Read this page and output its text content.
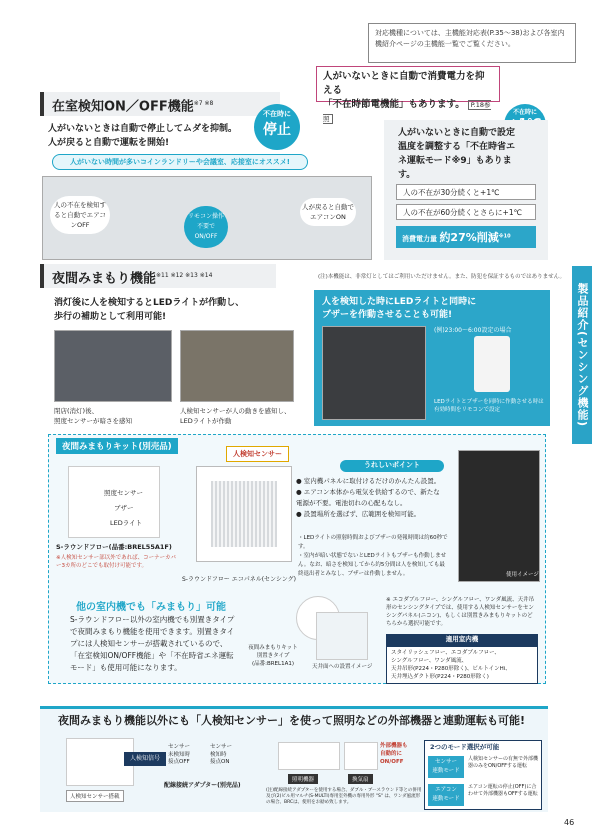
対応機種については、主機能対応表(P.35〜38)および各室内機紹介ページの主機能一覧でご覧ください。
人がいないときに自動で消費電力を抑える
「不在時節電機能」もあります。 P.18参照
在室検知ON／OFF機能$^{※7 ※8}$
不在時に
停止
人がいないときは自動で停止してムダを抑制。
人が戻ると自動で運転を開始!
人がいない時間が多いコインランドリーや会議室、応接室にオススメ!
人の不在を検知すると自動でエアコンOFF
リモコン操作不要でON/OFF
人が戻ると自動でエアコンON
不在時に
人がいないときに自動で設定温度を調整する「不在時省エネ運転モード※9」もあります。
人の不在が30分続くと+1℃
人の不在が60分続くとさらに+1℃
消費電力量 約27%削減$^{※10}$
製品紹介(センシング機能)
夜間みまもり機能$^{※11 ※12 ※13 ※14}$	(注)本機能は、非常灯としてはご利用いただけません。また、防犯を保証するものではありません。
消灯後に人を検知するとLEDライトが作動し、
歩行の補助として利用可能!
閉店(消灯)後、
照度センサーが暗さを感知
人検知センサーが人の動きを感知し、
LEDライトが作動
人を検知した時にLEDライトと同時に
ブザーを作動させることも可能!
(例)23:00〜6:00設定の場合
LEDライトとブザーを同時に作動させる時は有効時間をリモコンで設定
夜間みまもりキット(別売品)
人検知センサー
照度センサー
ブザー
LEDライト
S-ラウンドフロー(品番:BREL55A1F)
※人検知センサー部以外であれば、コーナーカバー3カ所のどこでも取付け可能です。
S-ラウンドフロー エコパネル(センシング)
うれしいポイント
● 室内機パネルに取付けるだけのかんたん設置。
● エアコン本体から電気を供給するので、新たな電源が不要。電池切れの心配もなし。
● 設置場所を選ばず、広範囲を検知可能。
・LEDライトの照射時間およびブザーの発報時間は約60秒です。
・室内が暗い状態でないとLEDライトもブザーも作動しません。なお、暗さを検知してから約5分間は人を検知しても最終退出者とみなし、ブザーは作動しません。	使用イメージ
他の室内機でも「みまもり」可能
S-ラウンドフロー以外の室内機でも別置きタイプで夜間みまもり機能を使用できます。別置きタイプには人検知センサーが搭載されているので、「在室検知ON/OFF機能」や「不在時省エネ運転モード」も使用可能になります。
夜間みまもりキット
別置きタイプ
(品番:BREL1A1)	天井面への設置イメージ
※ エコダブルフロー、シングルフロー、ワンダ風流、天井吊形のセンシングタイプでは、使用する人検知センサーをセンシングパネル(ニコン)、もしくは別置きみまもりキットのどちらから選択可能です。
適用室内機
スタイリッシュフロー、エコダブルフロー、
シングルフロー、ワンダ風流、
天井吊形(P224・P280形除く)、ビルトインHi、
天井埋込ダクト形(P224・P280形除く)
夜間みまもり機能以外にも「人検知センサー」を使って照明などの外部機器と連動運転も可能!
人検知センサー搭載
人検知信号
センサー
未検知時
接点OFF
センサー
検知時
接点ON
配線接続アダプター(別売品)
照明機器	換気扇
外部機器も
自動的に
ON/OFF
(注)配線接続アダプターを使用する場合、ダブル・ブースラウンド等との併用及び(2)ビル用マルチ(S-MULTI)専用室外機の専用外形 "S" は、ワンダ風流形の場合、BRCは、使用をお勧め致します。
2つのモード選択が可能
センサー
連動モード
人検知センサーの有無で外部機器のみをON/OFFする運転
エアコン
連動モード
エアコン運転の停止(OFF)に合わせて外部機器もOFFする運転
46
